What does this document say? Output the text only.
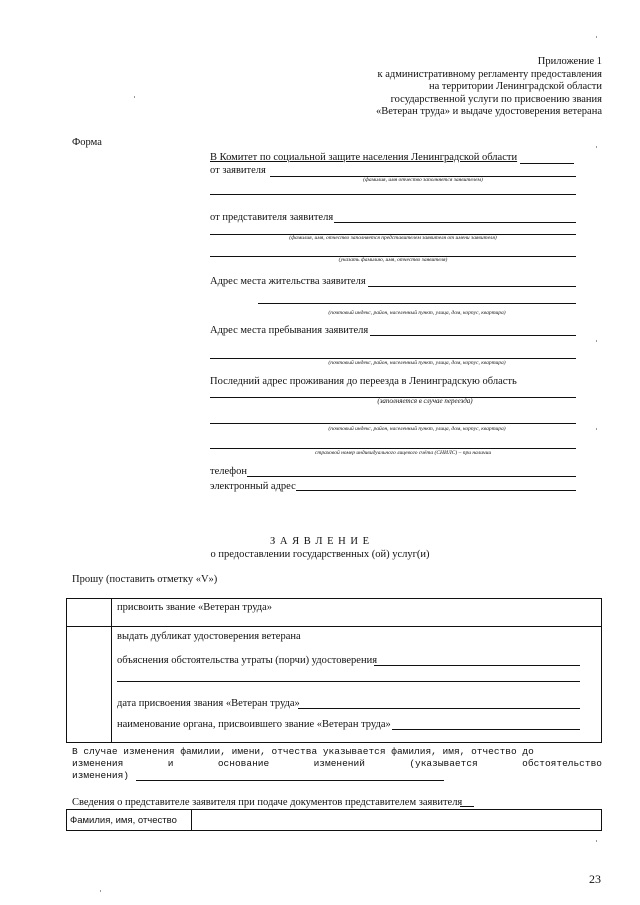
Приложение 1
к административному регламенту предоставления
на территории Ленинградской области
государственной услуги по присвоению звания
«Ветеран труда» и выдаче удостоверения ветерана
Форма
В Комитет по социальной защите населения Ленинградской области
от заявителя
(фамилия, имя отчество заполняется заявителем)
от представителя заявителя
(фамилия, имя, отчество заполняется представителем заявителя от имени заявителя)
(указать фамилию, имя, отчество заявителя)
Адрес места жительства заявителя
(почтовый индекс, район, населенный пункт, улица, дом, корпус, квартира)
Адрес места пребывания заявителя
(почтовый индекс, район, населенный пункт, улица, дом, корпус, квартира)
Последний адрес проживания до переезда в Ленинградскую область
(заполняется в случае переезда)
(почтовый индекс, район, населенный пункт, улица, дом, корпус, квартира)
страховой номер индивидуального лицевого счёта (СНИЛС) – при наличии
телефон
электронный адрес
З А Я В Л Е Н И Е
о предоставлении государственных (ой) услуг(и)
Прошу (поставить отметку «V»)
присвоить звание «Ветеран труда»
выдать дубликат удостоверения ветерана
объяснения обстоятельства утраты (порчи) удостоверения
дата присвоения звания «Ветеран труда»
наименование органа, присвоившего звание «Ветеран труда»
В случае изменения фамилии, имени, отчества указывается фамилия, имя, отчество до
изменения	и	основание	изменений	(указывается	обстоятельство
изменения)
Сведения о представителе заявителя при подаче документов представителем заявителя
Фамилия, имя, отчество
23
